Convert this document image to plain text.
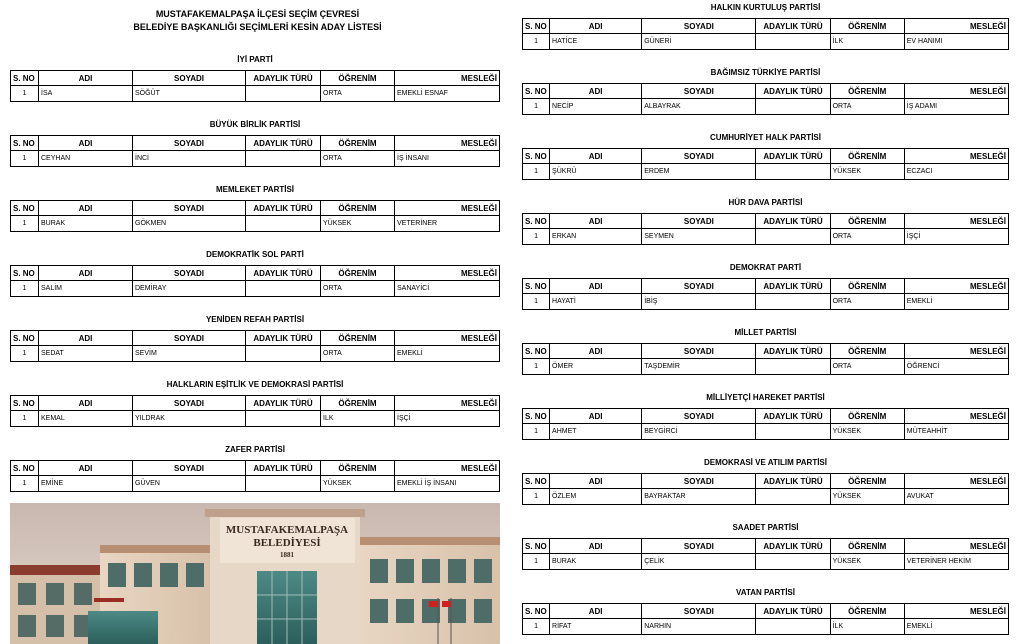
MUSTAFAKEMALPAŞA İLÇESİ SEÇİM ÇEVRESİ
BELEDİYE BAŞKANLIĞI SEÇİMLERİ KESİN ADAY LİSTESİ
İYİ PARTİ
S. NO	ADI	SOYADI	ADAYLIK TÜRÜ	ÖĞRENİM	MESLEĞİ
1	İSA	SÖĞÜT		ORTA	EMEKLİ ESNAF
BÜYÜK BİRLİK PARTİSİ
S. NO	ADI	SOYADI	ADAYLIK TÜRÜ	ÖĞRENİM	MESLEĞİ
1	CEYHAN	İNCİ		ORTA	İŞ İNSANI
MEMLEKET PARTİSİ
S. NO	ADI	SOYADI	ADAYLIK TÜRÜ	ÖĞRENİM	MESLEĞİ
1	BURAK	GÖKMEN		YÜKSEK	VETERİNER
DEMOKRATİK SOL PARTİ
S. NO	ADI	SOYADI	ADAYLIK TÜRÜ	ÖĞRENİM	MESLEĞİ
1	SALİM	DEMİRAY		ORTA	SANAYİCİ
YENİDEN REFAH PARTİSİ
S. NO	ADI	SOYADI	ADAYLIK TÜRÜ	ÖĞRENİM	MESLEĞİ
1	SEDAT	SEVİM		ORTA	EMEKLİ
HALKLARIN EŞİTLİK VE DEMOKRASİ PARTİSİ
S. NO	ADI	SOYADI	ADAYLIK TÜRÜ	ÖĞRENİM	MESLEĞİ
1	KEMAL	YILDRAK		İLK	İŞÇİ
ZAFER PARTİSİ
S. NO	ADI	SOYADI	ADAYLIK TÜRÜ	ÖĞRENİM	MESLEĞİ
1	EMİNE	GÜVEN		YÜKSEK	EMEKLİ İŞ İNSANI
HALKIN KURTULUŞ PARTİSİ
S. NO	ADI	SOYADI	ADAYLIK TÜRÜ	ÖĞRENİM	MESLEĞİ
1	HATİCE	GÜNERİ		İLK	EV HANIMI
BAĞIMSIZ TÜRKİYE PARTİSİ
S. NO	ADI	SOYADI	ADAYLIK TÜRÜ	ÖĞRENİM	MESLEĞİ
1	NECİP	ALBAYRAK		ORTA	İŞ ADAMI
CUMHURİYET HALK PARTİSİ
S. NO	ADI	SOYADI	ADAYLIK TÜRÜ	ÖĞRENİM	MESLEĞİ
1	ŞÜKRÜ	ERDEM		YÜKSEK	ECZACI
HÜR DAVA PARTİSİ
S. NO	ADI	SOYADI	ADAYLIK TÜRÜ	ÖĞRENİM	MESLEĞİ
1	ERKAN	SEYMEN		ORTA	İŞÇİ
DEMOKRAT PARTİ
S. NO	ADI	SOYADI	ADAYLIK TÜRÜ	ÖĞRENİM	MESLEĞİ
1	HAYATİ	İBİŞ		ORTA	EMEKLİ
MİLLET PARTİSİ
S. NO	ADI	SOYADI	ADAYLIK TÜRÜ	ÖĞRENİM	MESLEĞİ
1	ÖMER	TAŞDEMİR		ORTA	ÖĞRENCİ
MİLLİYETÇİ HAREKET PARTİSİ
S. NO	ADI	SOYADI	ADAYLIK TÜRÜ	ÖĞRENİM	MESLEĞİ
1	AHMET	BEYGİRCİ		YÜKSEK	MÜTEAHHİT
DEMOKRASİ VE ATILIM PARTİSİ
S. NO	ADI	SOYADI	ADAYLIK TÜRÜ	ÖĞRENİM	MESLEĞİ
1	ÖZLEM	BAYRAKTAR		YÜKSEK	AVUKAT
SAADET PARTİSİ
S. NO	ADI	SOYADI	ADAYLIK TÜRÜ	ÖĞRENİM	MESLEĞİ
1	BURAK	ÇELİK		YÜKSEK	VETERİNER HEKİM
VATAN PARTİSİ
S. NO	ADI	SOYADI	ADAYLIK TÜRÜ	ÖĞRENİM	MESLEĞİ
1	RİFAT	NARHIN		İLK	EMEKLİ
MUSTAFAKEMALPAŞA
BELEDİYESİ
1881
